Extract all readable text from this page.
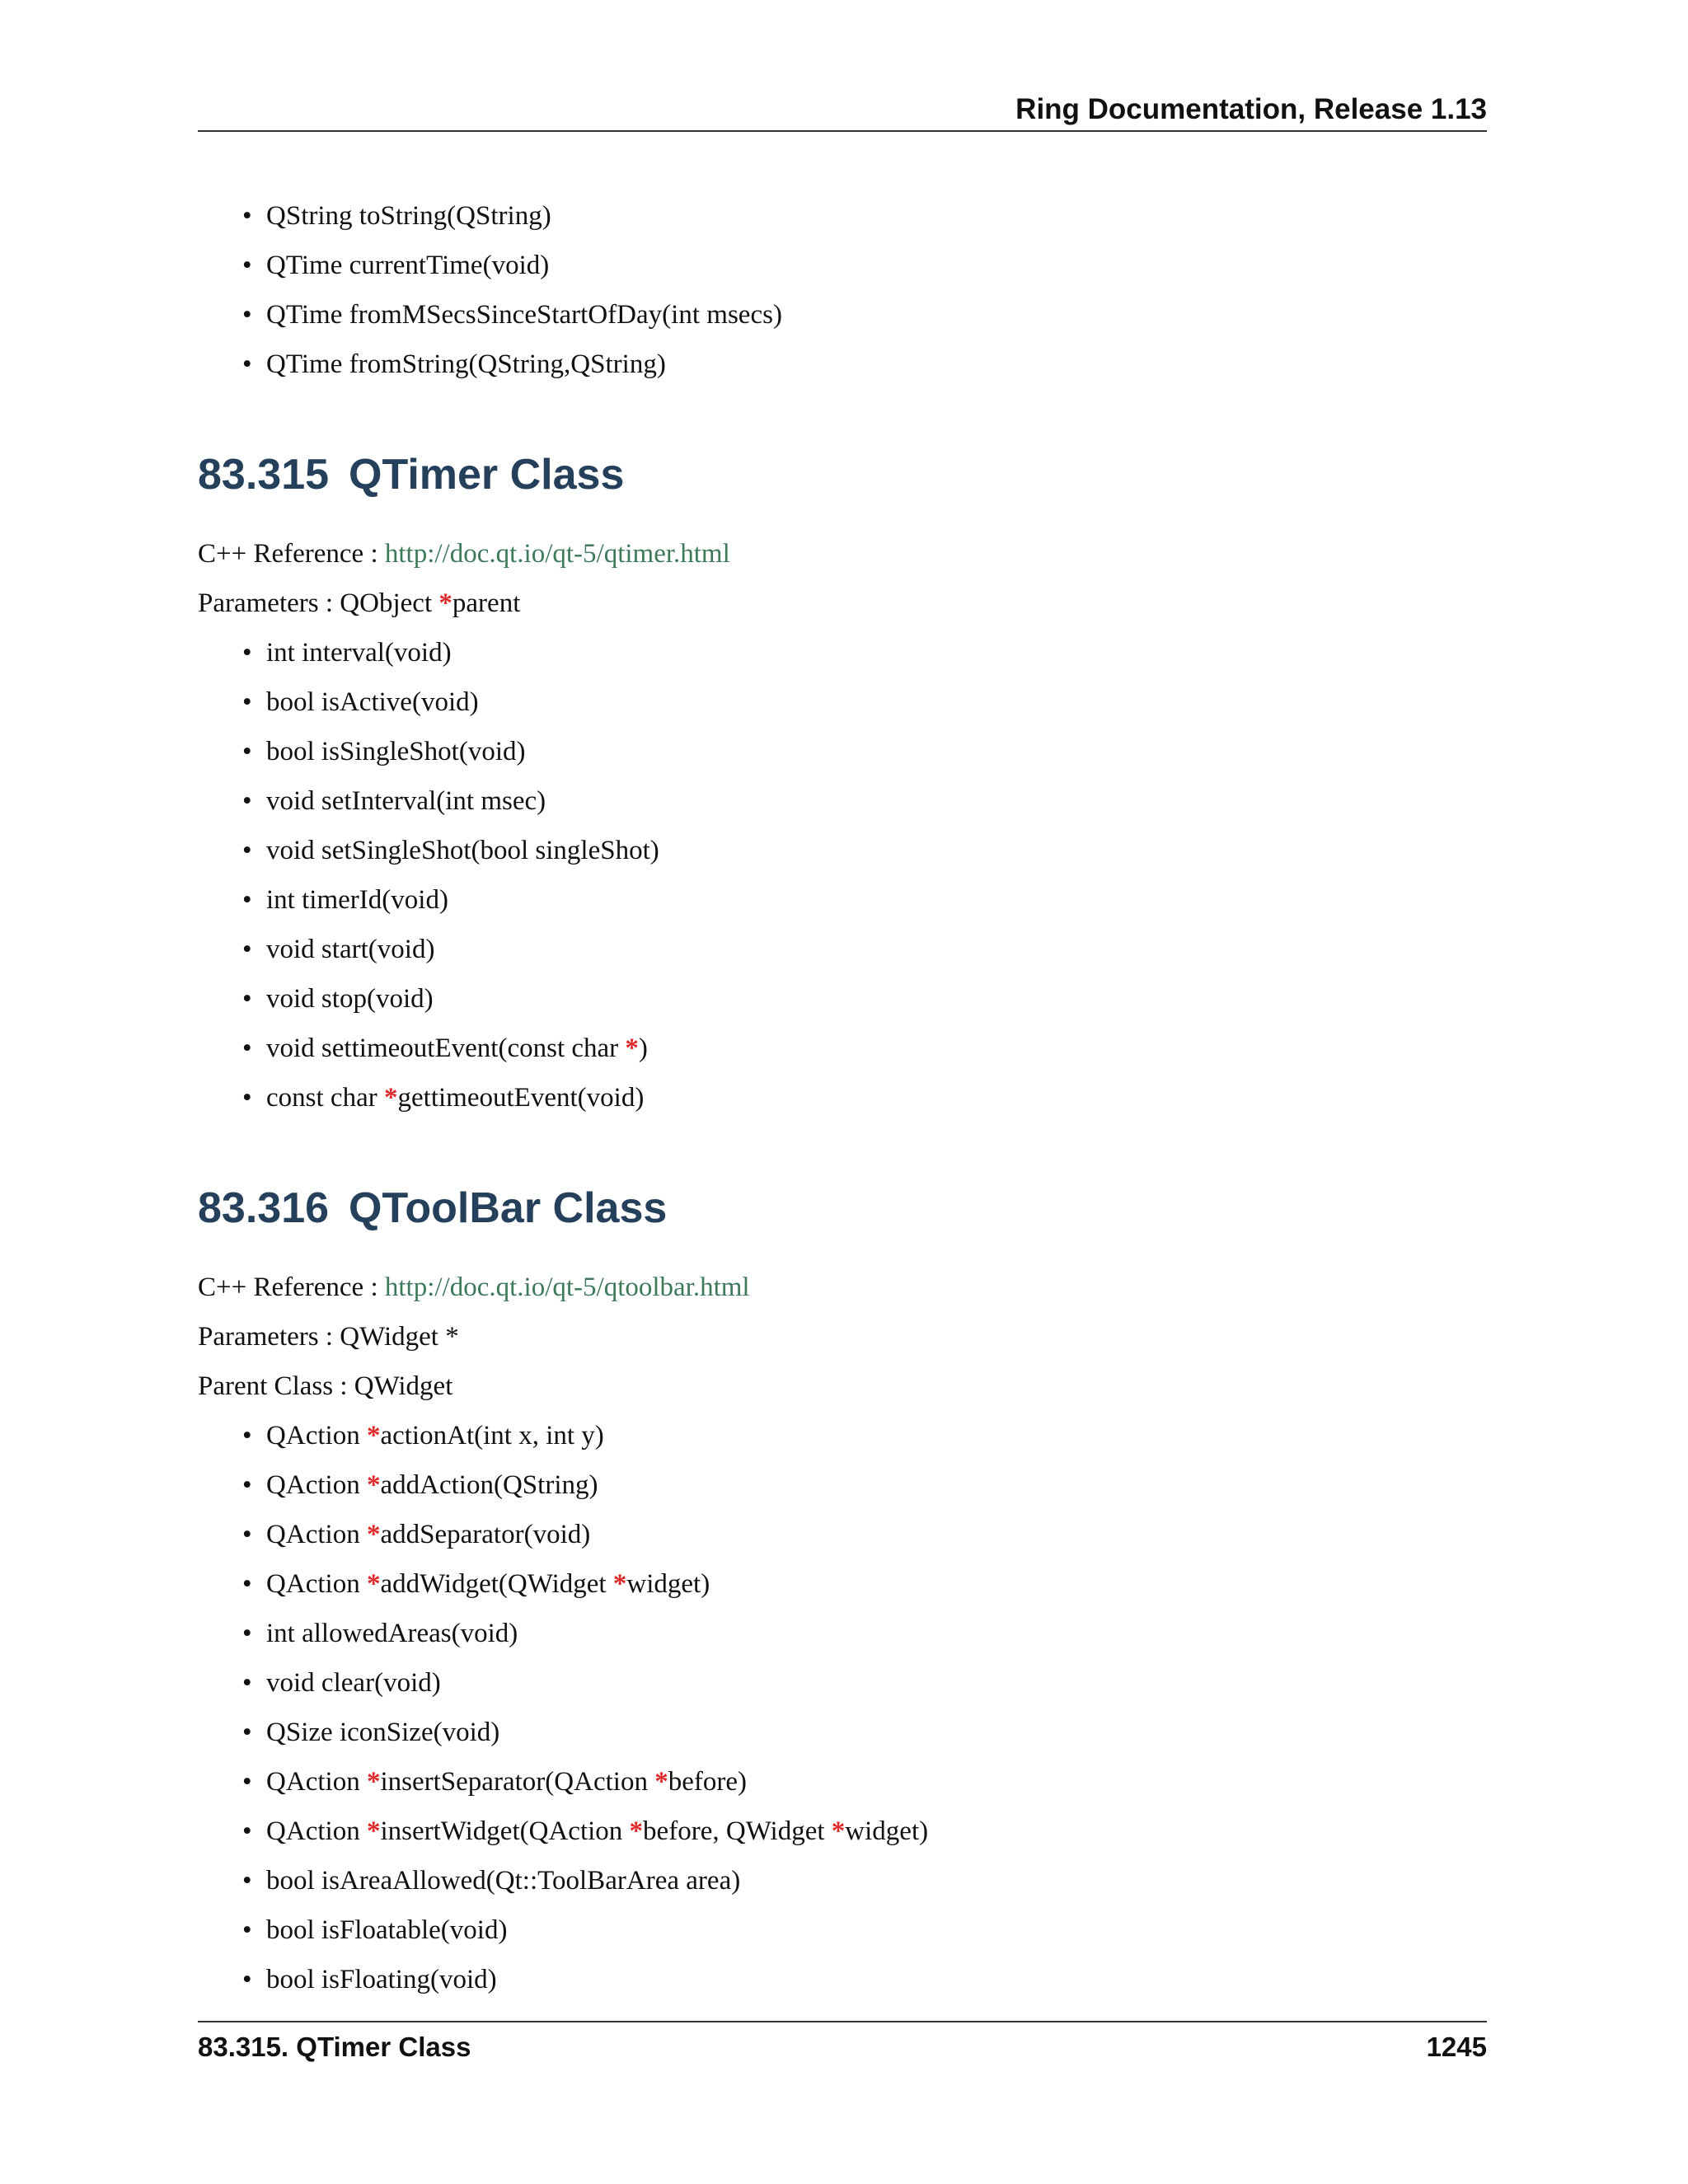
Ring Documentation, Release 1.13
• QString toString(QString)
• QTime currentTime(void)
• QTime fromMSecsSinceStartOfDay(int msecs)
• QTime fromString(QString,QString)
83.315 QTimer Class

C++ Reference : http://doc.qt.io/qt-5/qtimer.html

Parameters : QObject *parent

• int interval(void)
• bool isActive(void)
• bool isSingleShot(void)
• void setInterval(int msec)
• void setSingleShot(bool singleShot)
• int timerId(void)
• void start(void)
• void stop(void)
• void settimeoutEvent(const char *)
• const char *gettimeoutEvent(void)
83.316 QToolBar Class

C++ Reference : http://doc.qt.io/qt-5/qtoolbar.html

Parameters : QWidget *

Parent Class : QWidget

• QAction *actionAt(int x, int y)
• QAction *addAction(QString)
• QAction *addSeparator(void)
• QAction *addWidget(QWidget *widget)
• int allowedAreas(void)
• void clear(void)
• QSize iconSize(void)
• QAction *insertSeparator(QAction *before)
• QAction *insertWidget(QAction *before, QWidget *widget)
• bool isAreaAllowed(Qt::ToolBarArea area)
• bool isFloatable(void)
• bool isFloating(void)
83.315. QTimer Class	1245
